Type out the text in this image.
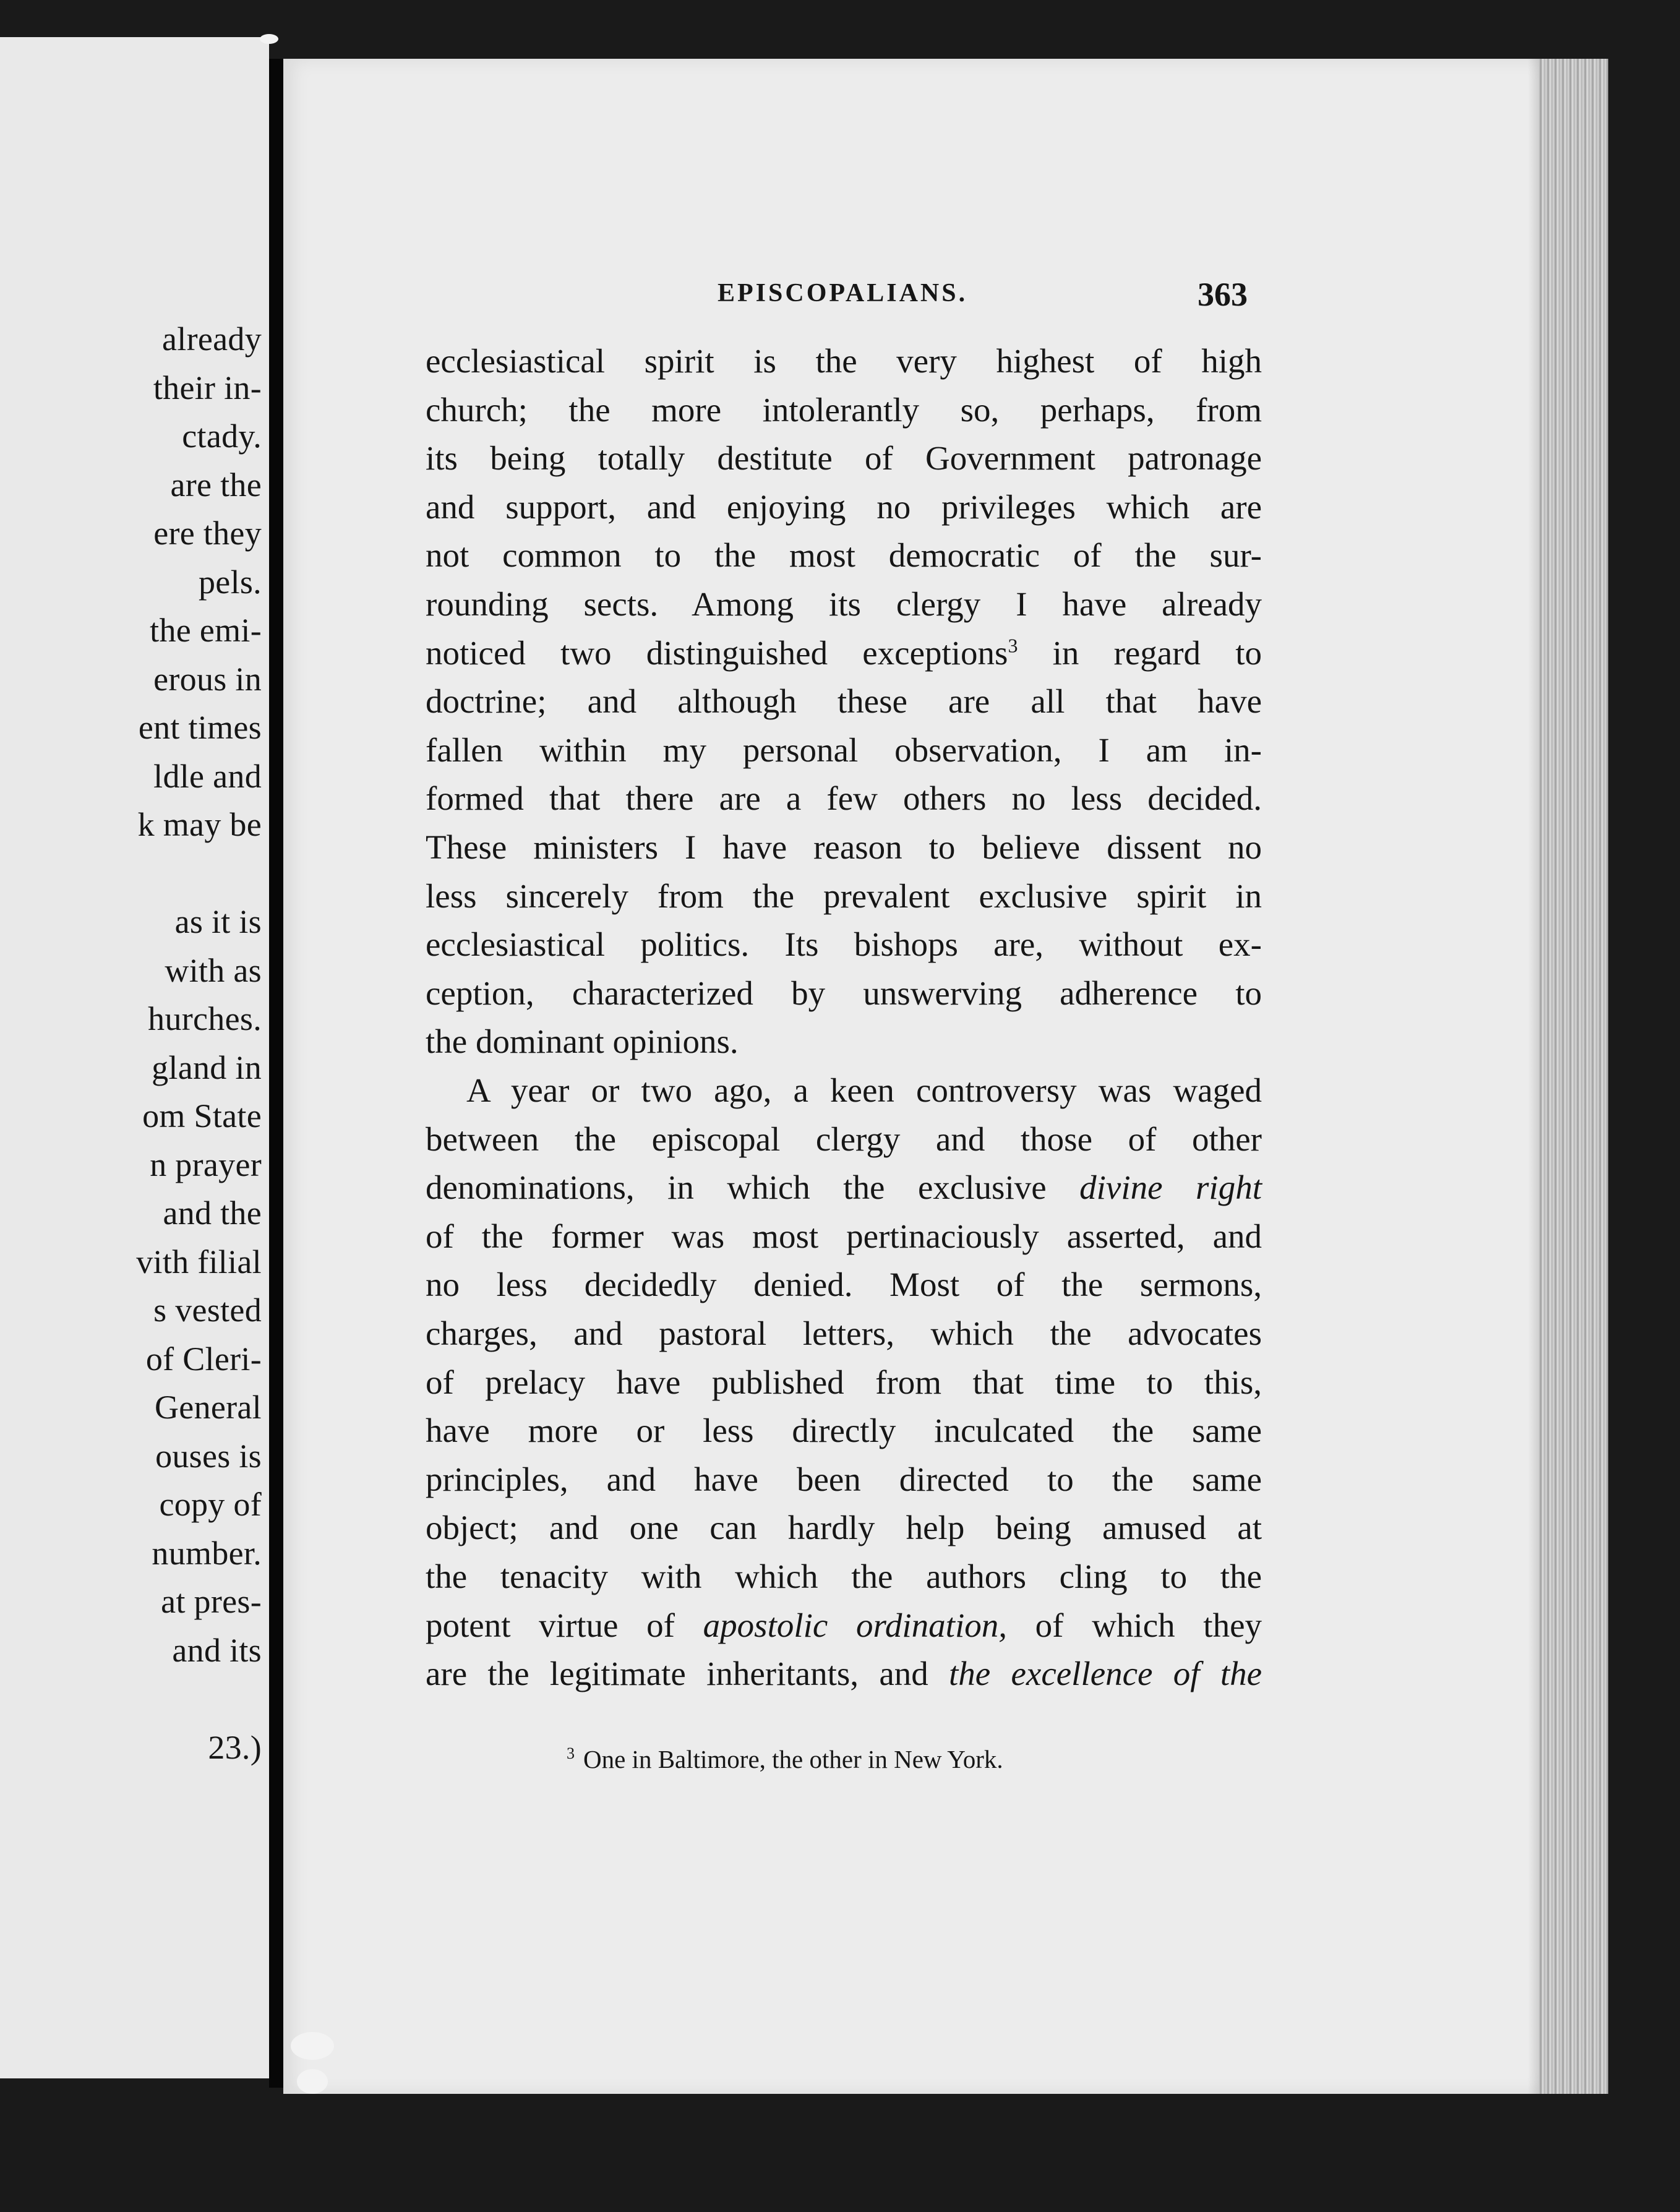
already
their in-
ctady.
are the
ere they
pels.
the emi-
erous in
ent times
ldle and
k may be
as it is
with as
hurches.
gland in
om State
n prayer
and the
vith filial
s vested
of Cleri-
General
ouses is
copy of
number.
at pres-
and its
23.)
EPISCOPALIANS.	363
ecclesiastical spirit is the very highest of high
church; the more intolerantly so, perhaps, from
its being totally destitute of Government patronage
and support, and enjoying no privileges which are
not common to the most democratic of the sur-
rounding sects. Among its clergy I have already
noticed two distinguished exceptions$^3$ in regard to
doctrine; and although these are all that have
fallen within my personal observation, I am in-
formed that there are a few others no less decided.
These ministers I have reason to believe dissent no
less sincerely from the prevalent exclusive spirit in
ecclesiastical politics. Its bishops are, without ex-
ception, characterized by unswerving adherence to
the dominant opinions.
A year or two ago, a keen controversy was waged
between the episcopal clergy and those of other
denominations, in which the exclusive divine right
of the former was most pertinaciously asserted, and
no less decidedly denied. Most of the sermons,
charges, and pastoral letters, which the advocates
of prelacy have published from that time to this,
have more or less directly inculcated the same
principles, and have been directed to the same
object; and one can hardly help being amused at
the tenacity with which the authors cling to the
potent virtue of apostolic ordination, of which they
are the legitimate inheritants, and the excellence of the
$^3$ One in Baltimore, the other in New York.
